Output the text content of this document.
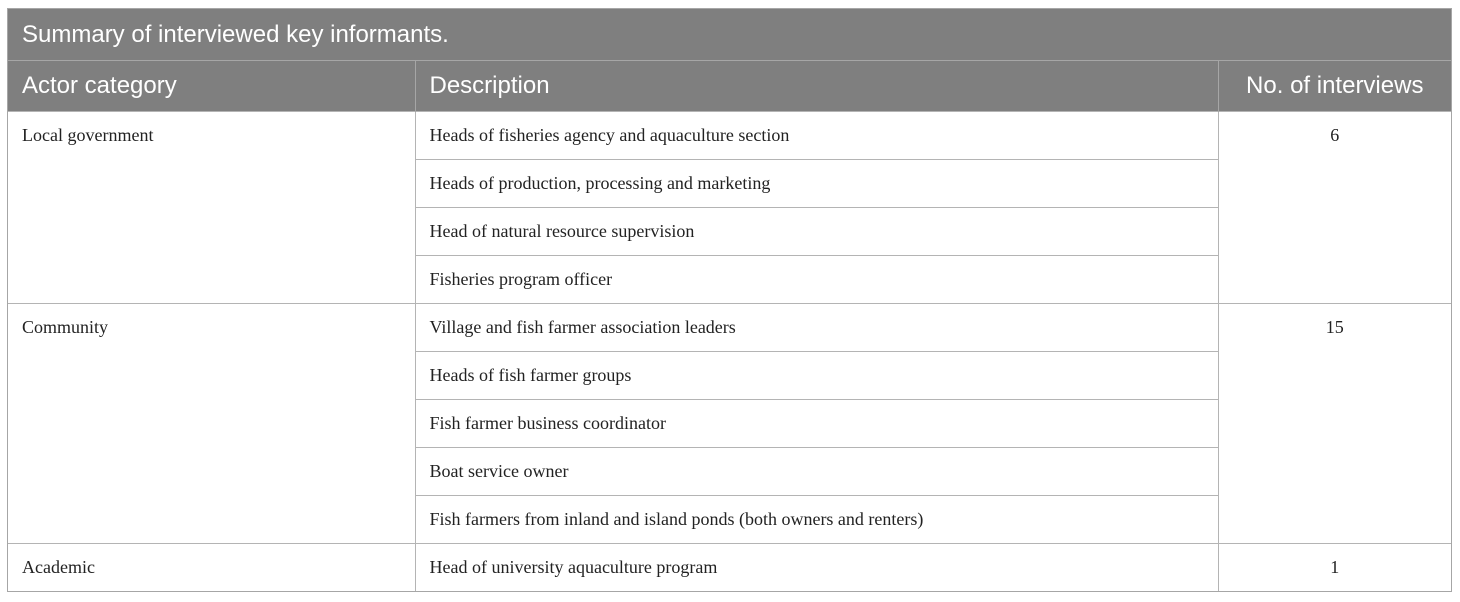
Summary of interviewed key informants.
Actor category	Description	No. of interviews
Local government	Heads of fisheries agency and aquaculture section	6
	Heads of production, processing and marketing	
	Head of natural resource supervision	
	Fisheries program officer	
Community	Village and fish farmer association leaders	15
	Heads of fish farmer groups	
	Fish farmer business coordinator	
	Boat service owner	
	Fish farmers from inland and island ponds (both owners and renters)	
Academic	Head of university aquaculture program	1
